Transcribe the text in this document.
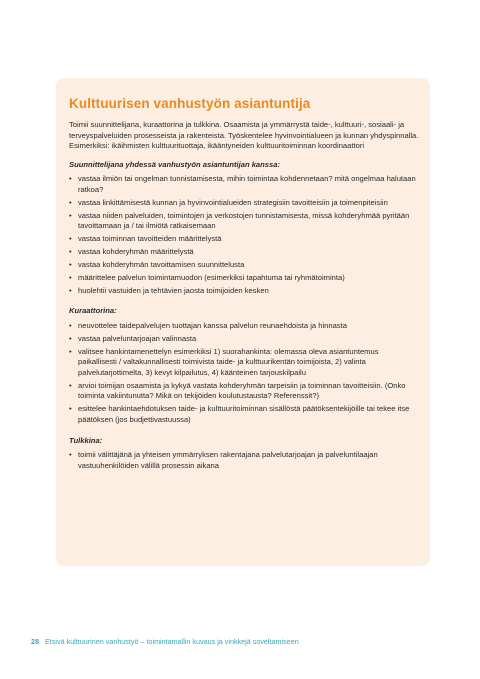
Kulttuurisen vanhustyön asiantuntija

Toimii suunnittelijana, kuraattorina ja tulkkina. Osaamista ja ymmärrystä taide-, kulttuuri-, sosiaali- ja terveyspalveluiden prosesseista ja rakenteista. Työskentelee hyvinvointialueen ja kunnan yhdyspinnalla. Esimerkiksi: ikäihmisten kulttuurituottaja, ikääntyneiden kulttuuritoiminnan koordinaattori

Suunnittelijana yhdessä vanhustyön asiantuntijan kanssa:

• vastaa ilmiön tai ongelman tunnistamisesta, mihin toimintaa kohdennetaan? mitä ongelmaa halutaan ratkoa?
• vastaa linkittämisestä kunnan ja hyvinvointialueiden strategisiin tavoitteisiin ja toimenpiteisiin
• vastaa niiden palveluiden, toimintojen ja verkostojen tunnistamisesta, missä kohderyhmää pyritään tavoittamaan ja / tai ilmiötä ratkaisemaan
• vastaa toiminnan tavoitteiden määrittelystä
• vastaa kohderyhmän määrittelystä
• vastaa kohderyhmän tavoittamisen suunnittelusta
• määrittelee palvelun toimintamuodon (esimerkiksi tapahtuma tai ryhmätoiminta)
• huolehtii vastuiden ja tehtävien jaosta toimijoiden kesken

Kuraattorina:

• neuvottelee taidepalvelujen tuottajan kanssa palvelun reunaehdoista ja hinnasta
• vastaa palveluntarjoajan valinnasta
• valitsee hankintamenettelyn esimerkiksi 1) suorahankinta: olemassa oleva asiantuntemus paikallisesti / valtakunnallisesti toimivista taide- ja kulttuurikentän toimijoista, 2) valinta palvelutarjottimelta, 3) kevyt kilpailutus, 4) käänteinen tarjouskilpailu
• arvioi toimijan osaamista ja kykyä vastata kohderyhmän tarpeisiin ja toiminnan tavoitteisiin. (Onko toiminta vakiintunutta? Mikä on tekijöiden koulutustausta? Referenssit?)
• esittelee hankintaehdotuksen taide- ja kulttuuritoiminnan sisällöstä päätöksentekijöille tai tekee itse päätöksen (jos budjettivastuussa)

Tulkkina:

• toimii välittäjänä ja yhteisen ymmärryksen rakentajana palvelutarjoajan ja palveluntilaajan vastuuhenkilöiden välillä prosessin aikana
28 Etsivä kulttuurinen vanhustyö – toimintamallin kuvaus ja vinkkejä soveltamiseen
